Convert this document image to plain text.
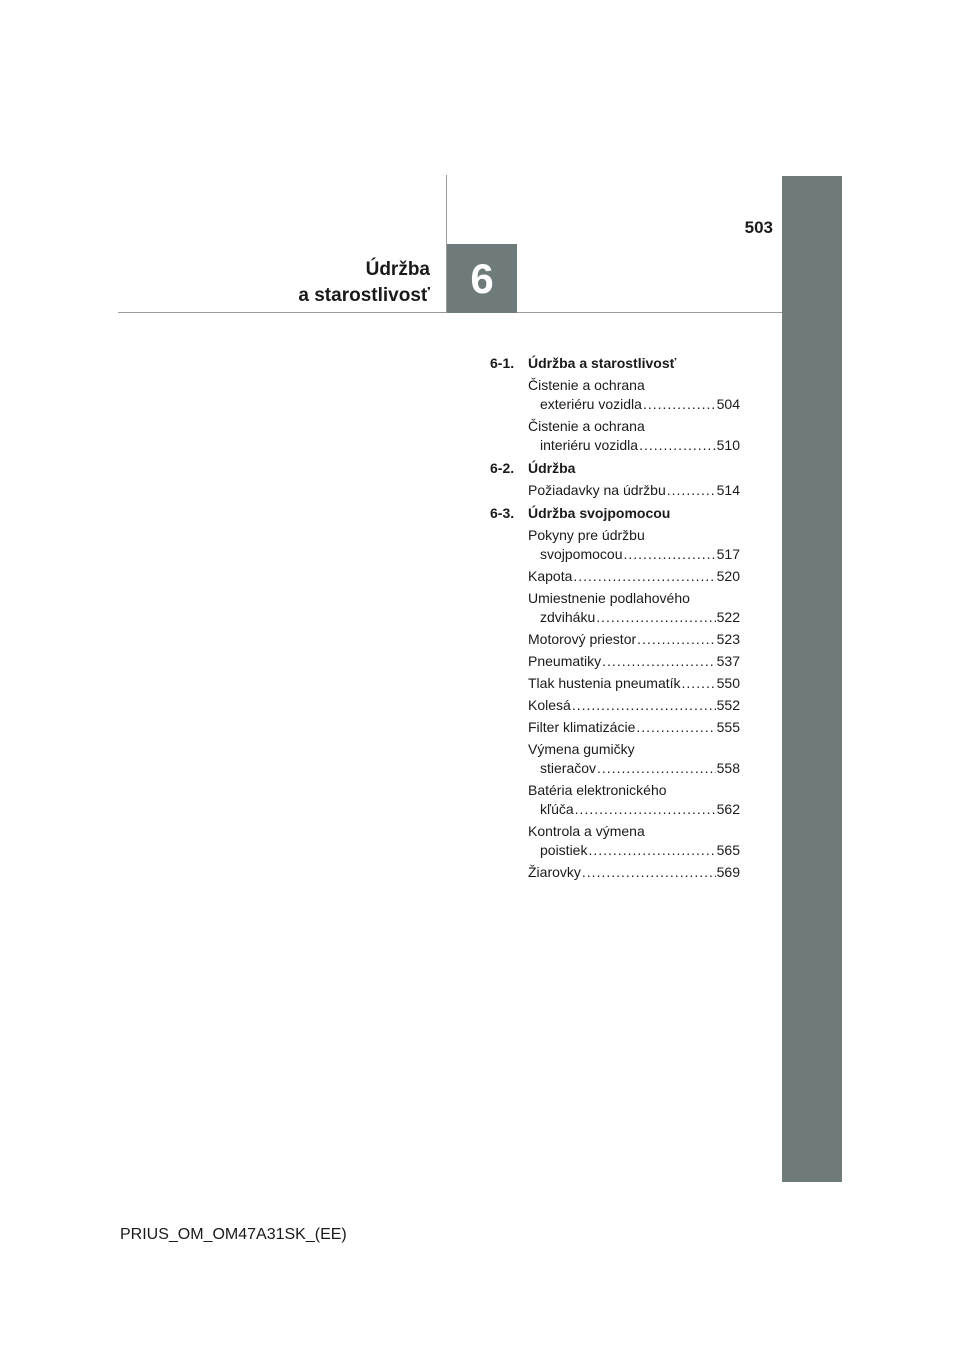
503
Údržba
a starostlivosť 6
6-1. Údržba a starostlivosť
Čistenie a ochrana
exteriéru vozidla .....	504
Čistenie a ochrana
interiéru vozidla .....	510
6-2. Údržba
Požiadavky na údržbu .....	514
6-3. Údržba svojpomocou
Pokyny pre údržbu
svojpomocou .....	517
Kapota .....	520
Umiestnenie podlahového
zdviháku .....	522
Motorový priestor .....	523
Pneumatiky .....	537
Tlak hustenia pneumatík .....	550
Kolesá .....	552
Filter klimatizácie .....	555
Výmena gumičky
stieračov .....	558
Batéria elektronického
kľúča .....	562
Kontrola a výmena
poistiek .....	565
Žiarovky .....	569
PRIUS_OM_OM47A31SK_(EE)
